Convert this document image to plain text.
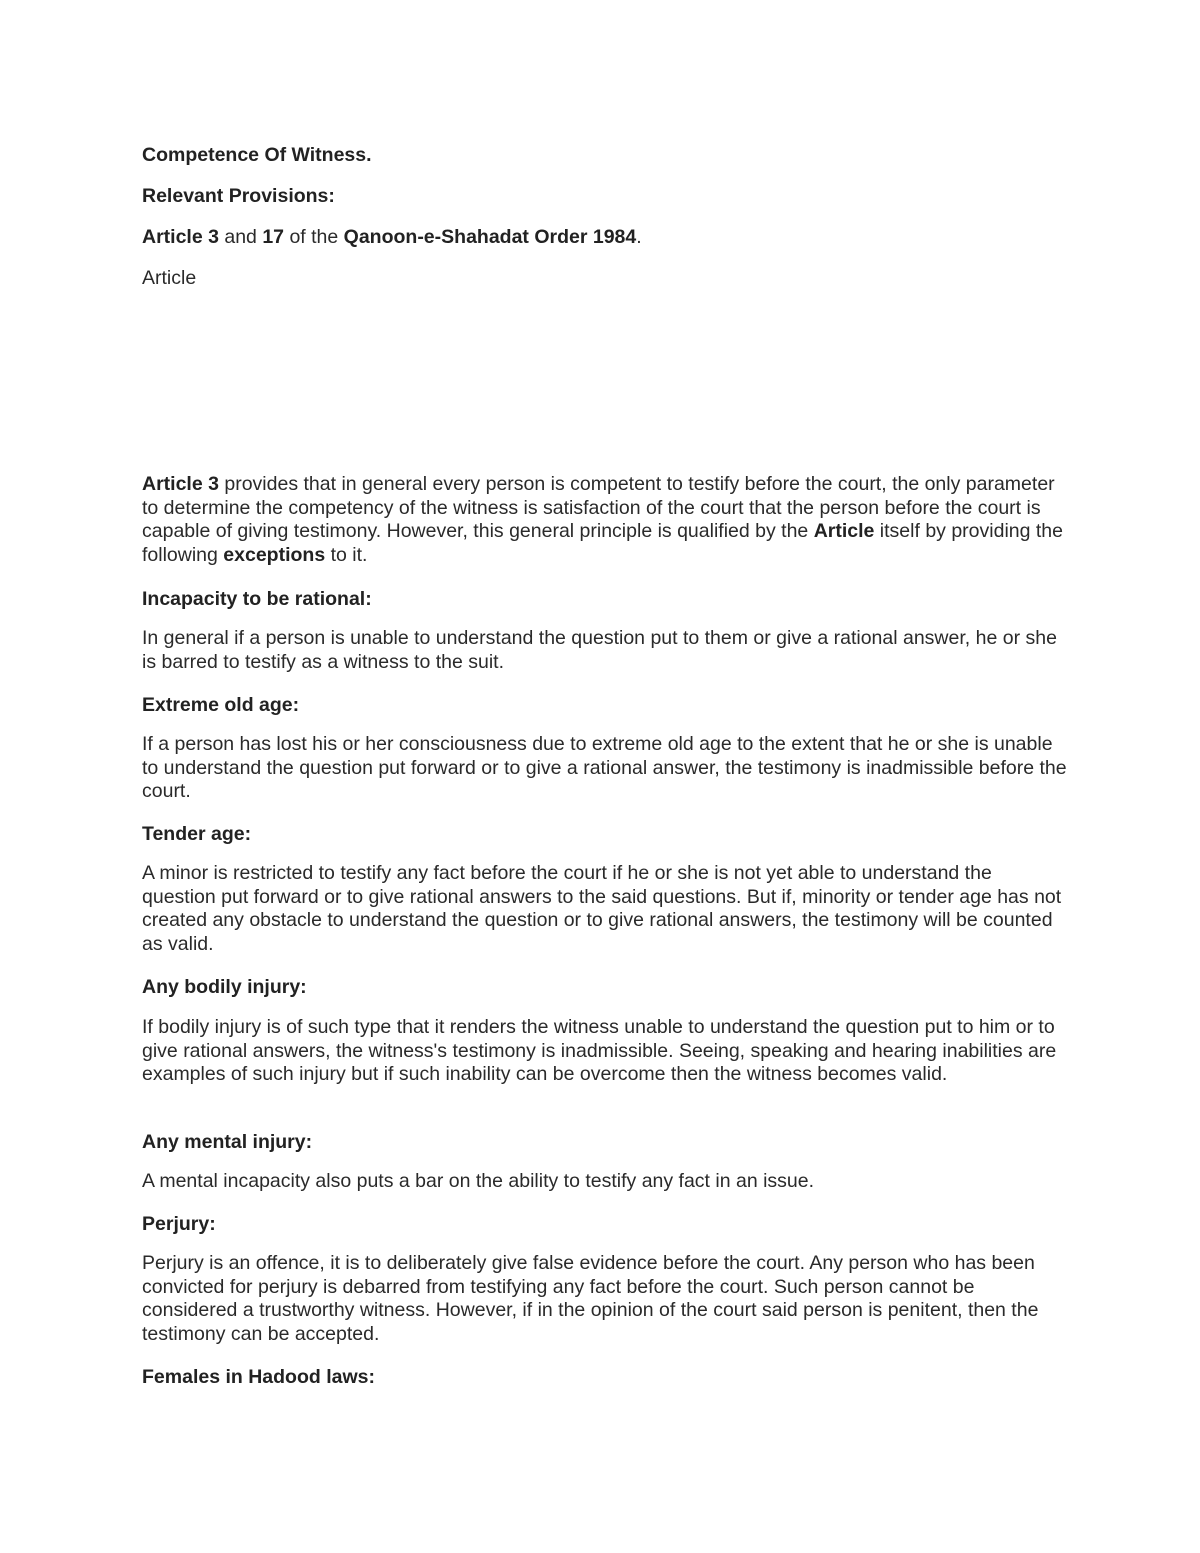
Competence Of Witness.
Relevant Provisions:
Article 3 and 17 of the Qanoon-e-Shahadat Order 1984.
Article
Article 3 provides that in general every person is competent to testify before the court, the only parameter to determine the competency of the witness is satisfaction of the court that the person before the court is capable of giving testimony. However, this general principle is qualified by the Article itself by providing the following exceptions to it.
Incapacity to be rational:
In general if a person is unable to understand the question put to them or give a rational answer, he or she is barred to testify as a witness to the suit.
Extreme old age:
If a person has lost his or her consciousness due to extreme old age to the extent that he or she is unable to understand the question put forward or to give a rational answer, the testimony is inadmissible before the court.
Tender age:
A minor is restricted to testify any fact before the court if he or she is not yet able to understand the question put forward or to give rational answers to the said questions. But if, minority or tender age has not created any obstacle to understand the question or to give rational answers, the testimony will be counted as valid.
Any bodily injury:
If bodily injury is of such type that it renders the witness unable to understand the question put to him or to give rational answers, the witness's testimony is inadmissible. Seeing, speaking and hearing inabilities are examples of such injury but if such inability can be overcome then the witness becomes valid.
Any mental injury:
A mental incapacity also puts a bar on the ability to testify any fact in an issue.
Perjury:
Perjury is an offence, it is to deliberately give false evidence before the court. Any person who has been convicted for perjury is debarred from testifying any fact before the court. Such person cannot be considered a trustworthy witness. However, if in the opinion of the court said person is penitent, then the testimony can be accepted.
Females in Hadood laws:
